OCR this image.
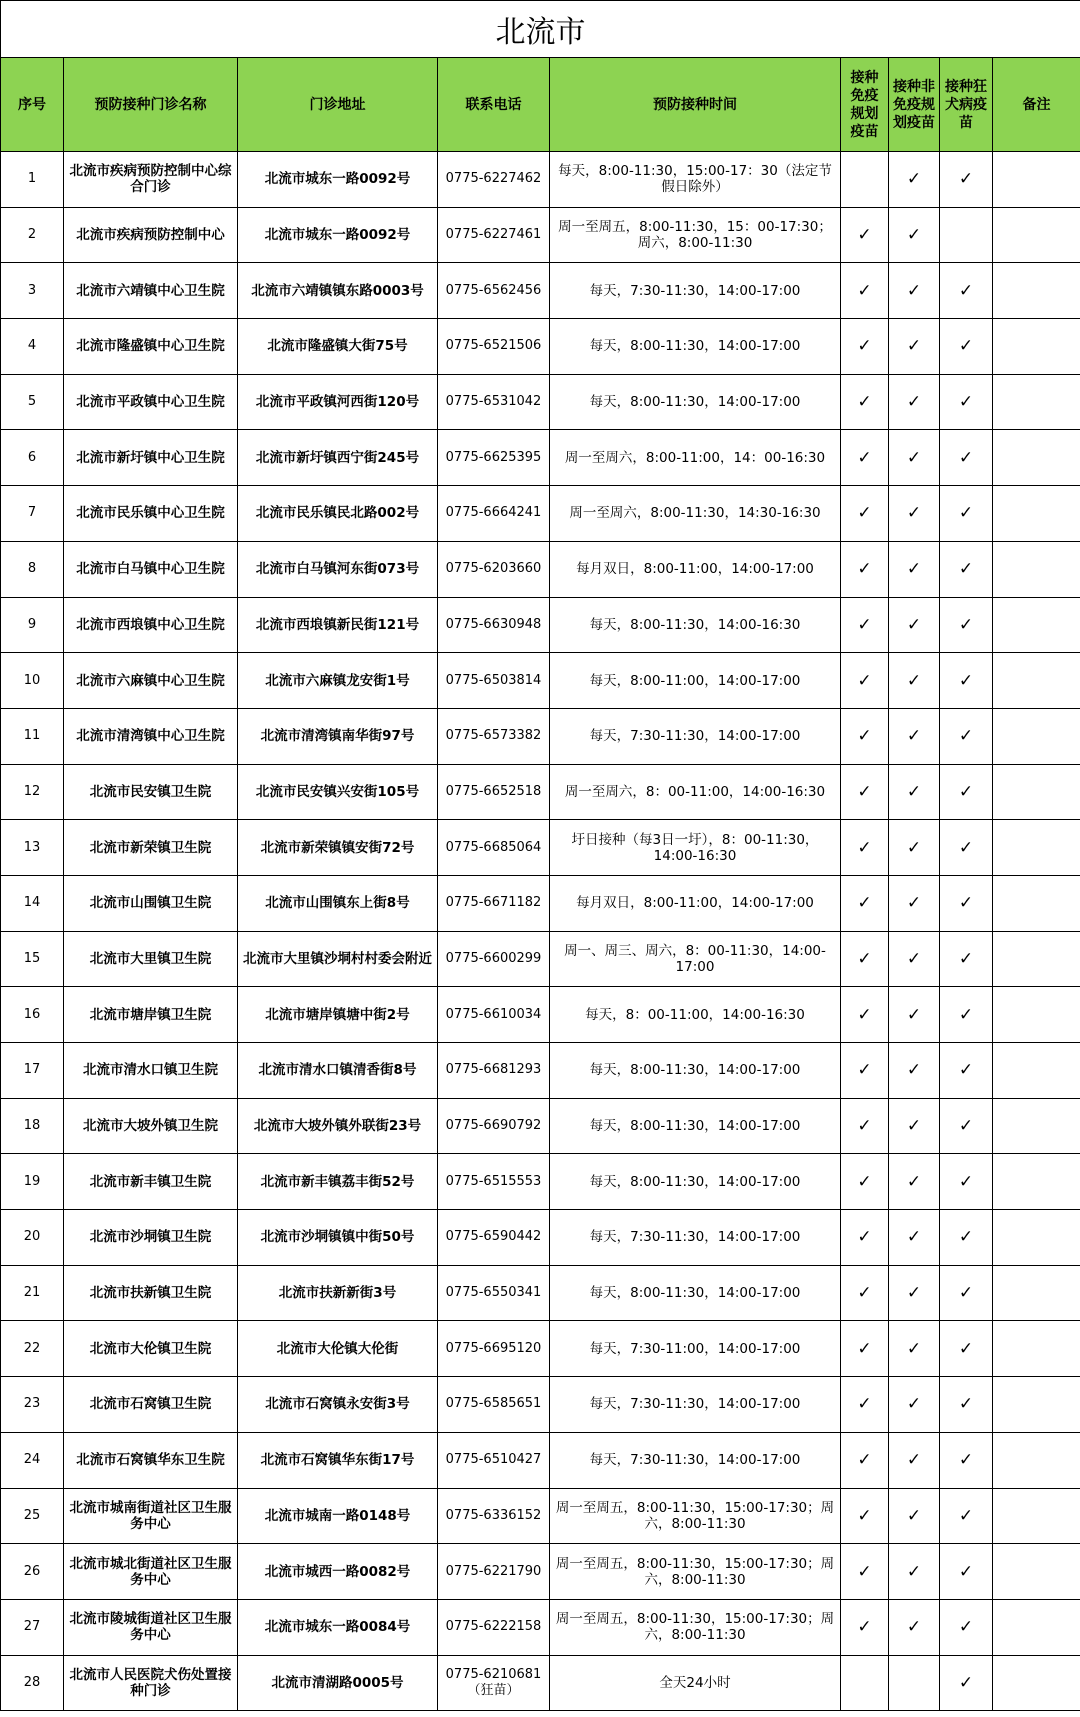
北流市								
序号	预防接种门诊名称	门诊地址	联系电话	预防接种时间	接种免疫规划疫苗	接种非免疫规划疫苗	接种狂犬病疫苗	备注
1	北流市疾病预防控制中心综合门诊	北流市城东一路0092号	0775-6227462	每天，8:00-11:30，15:00-17：30（法定节假日除外）		✓	✓	
2	北流市疾病预防控制中心	北流市城东一路0092号	0775-6227461	周一至周五，8:00-11:30，15：00-17:30；周六，8:00-11:30	✓	✓		
3	北流市六靖镇中心卫生院	北流市六靖镇镇东路0003号	0775-6562456	每天，7:30-11:30，14:00-17:00	✓	✓	✓	
4	北流市隆盛镇中心卫生院	北流市隆盛镇大街75号	0775-6521506	每天，8:00-11:30，14:00-17:00	✓	✓	✓	
5	北流市平政镇中心卫生院	北流市平政镇河西街120号	0775-6531042	每天，8:00-11:30，14:00-17:00	✓	✓	✓	
6	北流市新圩镇中心卫生院	北流市新圩镇西宁街245号	0775-6625395	周一至周六，8:00-11:00，14：00-16:30	✓	✓	✓	
7	北流市民乐镇中心卫生院	北流市民乐镇民北路002号	0775-6664241	周一至周六，8:00-11:30，14:30-16:30	✓	✓	✓	
8	北流市白马镇中心卫生院	北流市白马镇河东街073号	0775-6203660	每月双日，8:00-11:00，14:00-17:00	✓	✓	✓	
9	北流市西埌镇中心卫生院	北流市西埌镇新民街121号	0775-6630948	每天，8:00-11:30，14:00-16:30	✓	✓	✓	
10	北流市六麻镇中心卫生院	北流市六麻镇龙安街1号	0775-6503814	每天，8:00-11:00，14:00-17:00	✓	✓	✓	
11	北流市清湾镇中心卫生院	北流市清湾镇南华街97号	0775-6573382	每天，7:30-11:30，14:00-17:00	✓	✓	✓	
12	北流市民安镇卫生院	北流市民安镇兴安街105号	0775-6652518	周一至周六，8：00-11:00，14:00-16:30	✓	✓	✓	
13	北流市新荣镇卫生院	北流市新荣镇镇安街72号	0775-6685064	圩日接种（每3日一圩），8：00-11:30，14:00-16:30	✓	✓	✓	
14	北流市山围镇卫生院	北流市山围镇东上街8号	0775-6671182	每月双日，8:00-11:00，14:00-17:00	✓	✓	✓	
15	北流市大里镇卫生院	北流市大里镇沙垌村村委会附近	0775-6600299	周一、周三、周六，8：00-11:30，14:00-17:00	✓	✓	✓	
16	北流市塘岸镇卫生院	北流市塘岸镇塘中街2号	0775-6610034	每天，8：00-11:00，14:00-16:30	✓	✓	✓	
17	北流市清水口镇卫生院	北流市清水口镇清香街8号	0775-6681293	每天，8:00-11:30，14:00-17:00	✓	✓	✓	
18	北流市大坡外镇卫生院	北流市大坡外镇外联街23号	0775-6690792	每天，8:00-11:30，14:00-17:00	✓	✓	✓	
19	北流市新丰镇卫生院	北流市新丰镇荔丰街52号	0775-6515553	每天，8:00-11:30，14:00-17:00	✓	✓	✓	
20	北流市沙垌镇卫生院	北流市沙垌镇镇中街50号	0775-6590442	每天，7:30-11:30，14:00-17:00	✓	✓	✓	
21	北流市扶新镇卫生院	北流市扶新新街3号	0775-6550341	每天，8:00-11:30，14:00-17:00	✓	✓	✓	
22	北流市大伦镇卫生院	北流市大伦镇大伦街	0775-6695120	每天，7:30-11:00，14:00-17:00	✓	✓	✓	
23	北流市石窝镇卫生院	北流市石窝镇永安街3号	0775-6585651	每天，7:30-11:30，14:00-17:00	✓	✓	✓	
24	北流市石窝镇华东卫生院	北流市石窝镇华东街17号	0775-6510427	每天，7:30-11:30，14:00-17:00	✓	✓	✓	
25	北流市城南街道社区卫生服务中心	北流市城南一路0148号	0775-6336152	周一至周五，8:00-11:30，15:00-17:30；周六，8:00-11:30	✓	✓	✓	
26	北流市城北街道社区卫生服务中心	北流市城西一路0082号	0775-6221790	周一至周五，8:00-11:30，15:00-17:30；周六，8:00-11:30	✓	✓	✓	
27	北流市陵城街道社区卫生服务中心	北流市城东一路0084号	0775-6222158	周一至周五，8:00-11:30，15:00-17:30；周六，8:00-11:30	✓	✓	✓	
28	北流市人民医院犬伤处置接种门诊	北流市清湖路0005号	0775-6210681（狂苗）	全天24小时			✓	
